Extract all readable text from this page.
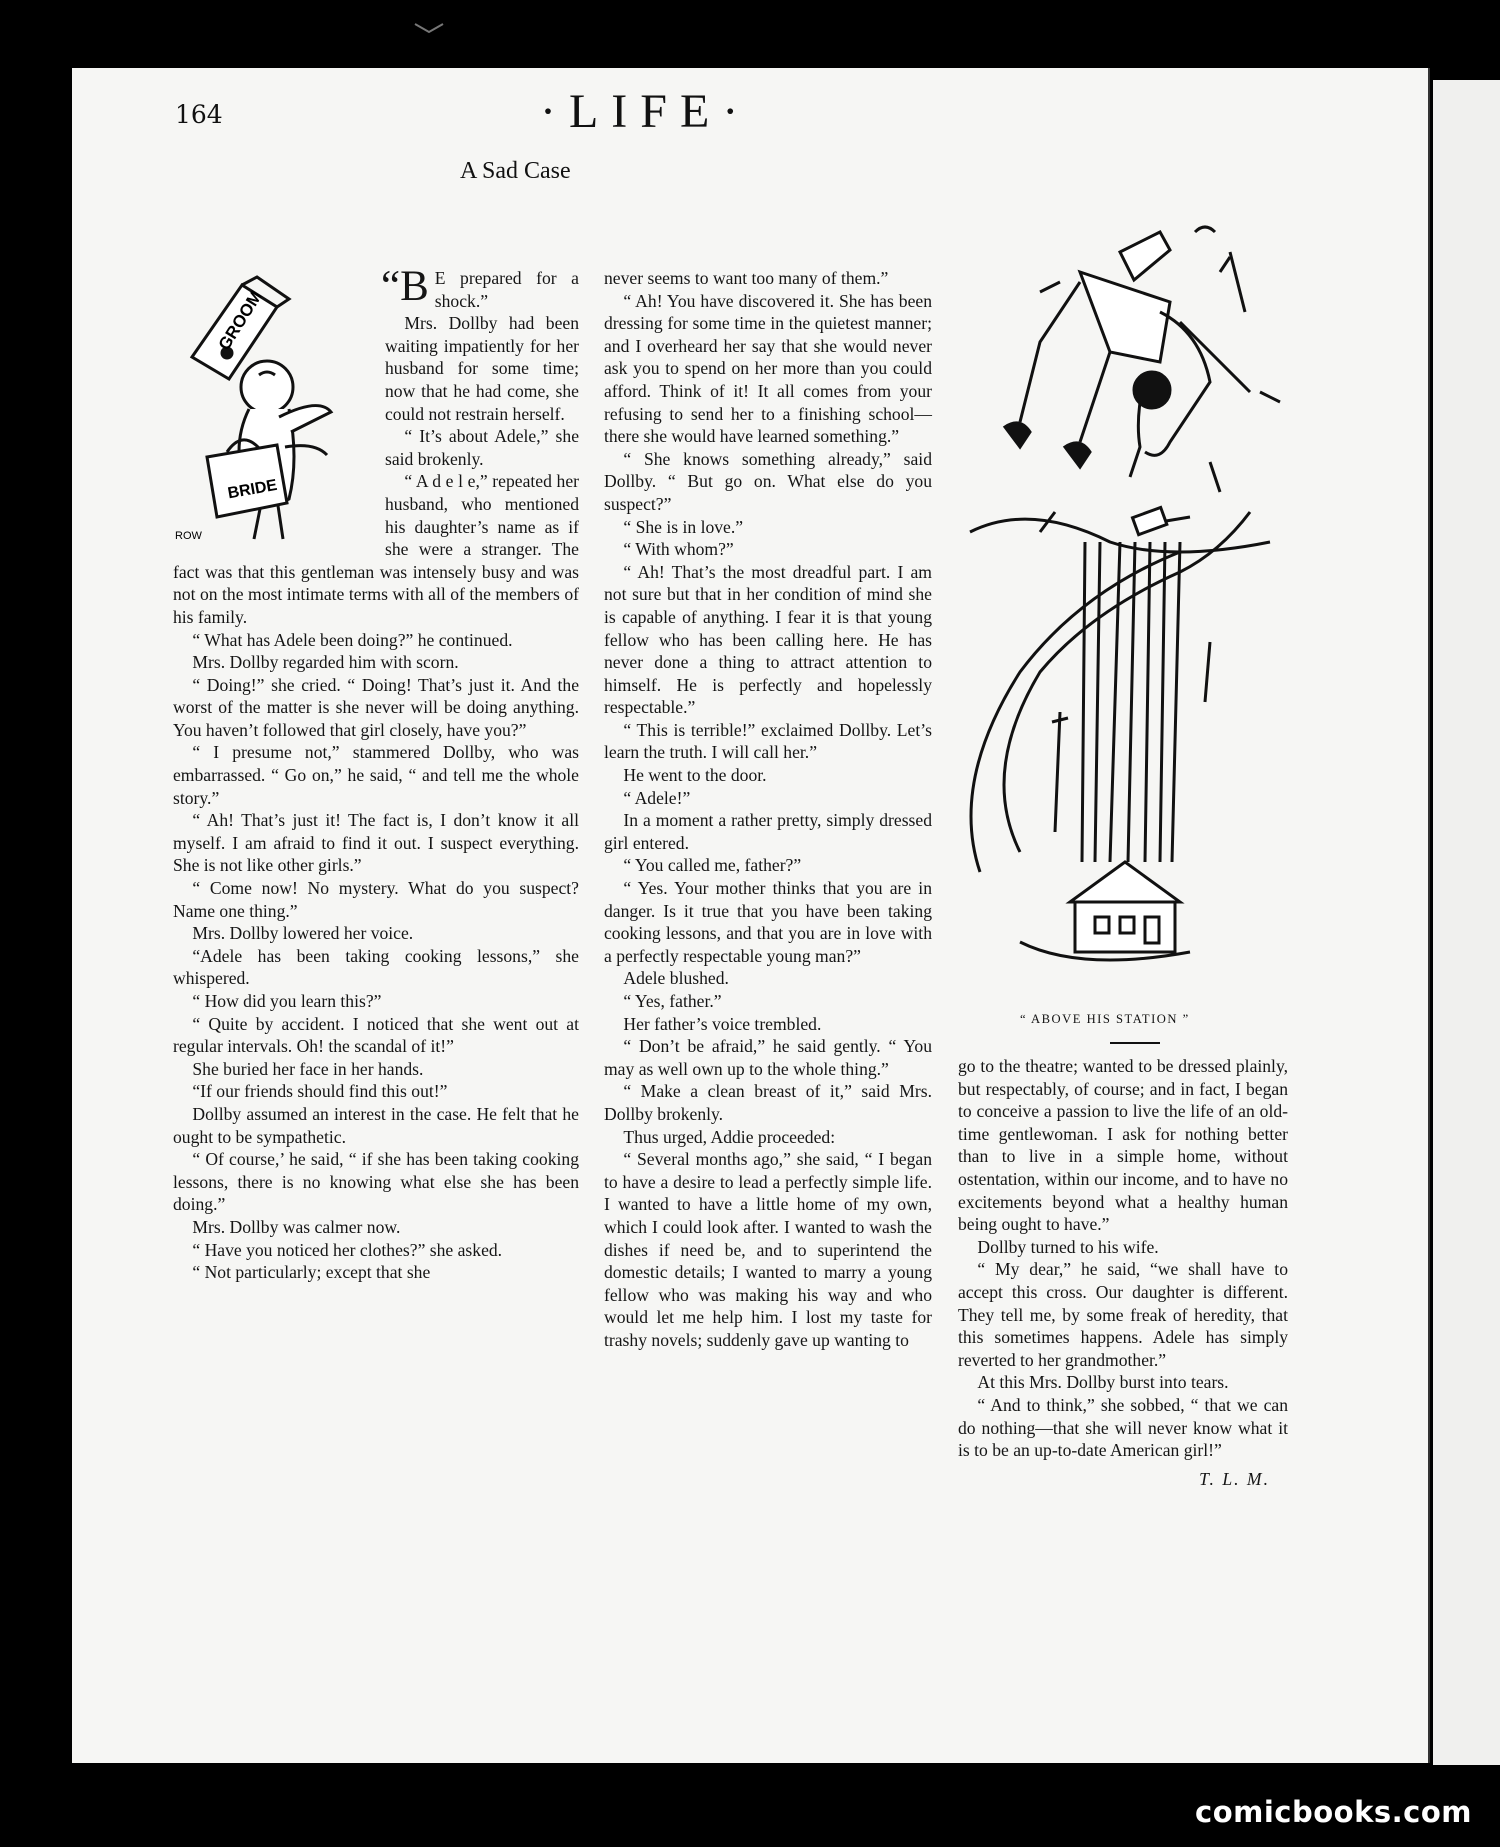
164	·LIFE·
A Sad Case
GROOM
BRIDE
ROW

“B E prepared for a shock.”

Mrs. Dollby had been waiting impatiently for her husband for some time; now that he had come, she could not restrain herself.

“ It’s about Adele,” she said brokenly.

“ A d e l e,” repeated her husband, who mentioned his daughter’s name as if she were a stranger. The fact was that this gentleman was intensely busy and was not on the most intimate terms with all of the members of his family.

“ What has Adele been doing?” he continued.

Mrs. Dollby regarded him with scorn.

“ Doing!” she cried. “ Doing! That’s just it. And the worst of the matter is she never will be doing anything. You haven’t followed that girl closely, have you?”

“ I presume not,” stammered Dollby, who was embarrassed. “ Go on,” he said, “ and tell me the whole story.”

“ Ah! That’s just it! The fact is, I don’t know it all myself. I am afraid to find it out. I suspect everything. She is not like other girls.”

“ Come now! No mystery. What do you suspect? Name one thing.”

Mrs. Dollby lowered her voice.

“Adele has been taking cooking lessons,” she whispered.

“ How did you learn this?”

“ Quite by accident. I noticed that she went out at regular intervals. Oh! the scandal of it!”

She buried her face in her hands.

“If our friends should find this out!”

Dollby assumed an interest in the case. He felt that he ought to be sympathetic.

“ Of course,’ he said, “ if she has been taking cooking lessons, there is no knowing what else she has been doing.”

Mrs. Dollby was calmer now.

“ Have you noticed her clothes?” she asked.

“ Not particularly; except that she

never seems to want too many of them.”

“ Ah! You have discovered it. She has been dressing for some time in the quietest manner; and I overheard her say that she would never ask you to spend on her more than you could afford. Think of it! It all comes from your refusing to send her to a finishing school—there she would have learned something.”

“ She knows something already,” said Dollby. “ But go on. What else do you suspect?”

“ She is in love.”

“ With whom?”

“ Ah! That’s the most dreadful part. I am not sure but that in her condition of mind she is capable of anything. I fear it is that young fellow who has been calling here. He has never done a thing to attract attention to himself. He is perfectly and hopelessly respectable.”

“ This is terrible!” exclaimed Dollby. Let’s learn the truth. I will call her.”

He went to the door.

“ Adele!”

In a moment a rather pretty, simply dressed girl entered.

“ You called me, father?”

“ Yes. Your mother thinks that you are in danger. Is it true that you have been taking cooking lessons, and that you are in love with a perfectly respectable young man?”

Adele blushed.

“ Yes, father.”

Her father’s voice trembled.

“ Don’t be afraid,” he said gently. “ You may as well own up to the whole thing.”

“ Make a clean breast of it,” said Mrs. Dollby brokenly.

Thus urged, Addie proceeded:

“ Several months ago,” she said, “ I began to have a desire to lead a perfectly simple life. I wanted to have a little home of my own, which I could look after. I wanted to wash the dishes if need be, and to superintend the domestic details; I wanted to marry a young fellow who was making his way and who would let me help him. I lost my taste for trashy novels; suddenly gave up wanting to

“ ABOVE HIS STATION ”

go to the theatre; wanted to be dressed plainly, but respectably, of course; and in fact, I began to conceive a passion to live the life of an old-time gentlewoman. I ask for nothing better than to live in a simple home, without ostentation, within our income, and to have no excitements beyond what a healthy human being ought to have.”

Dollby turned to his wife.

“ My dear,” he said, “we shall have to accept this cross. Our daughter is different. They tell me, by some freak of heredity, that this sometimes happens. Adele has simply reverted to her grandmother.”

At this Mrs. Dollby burst into tears.

“ And to think,” she sobbed, “ that we can do nothing—that she will never know what it is to be an up-to-date American girl!”

T. L. M.
comicbooks.com
